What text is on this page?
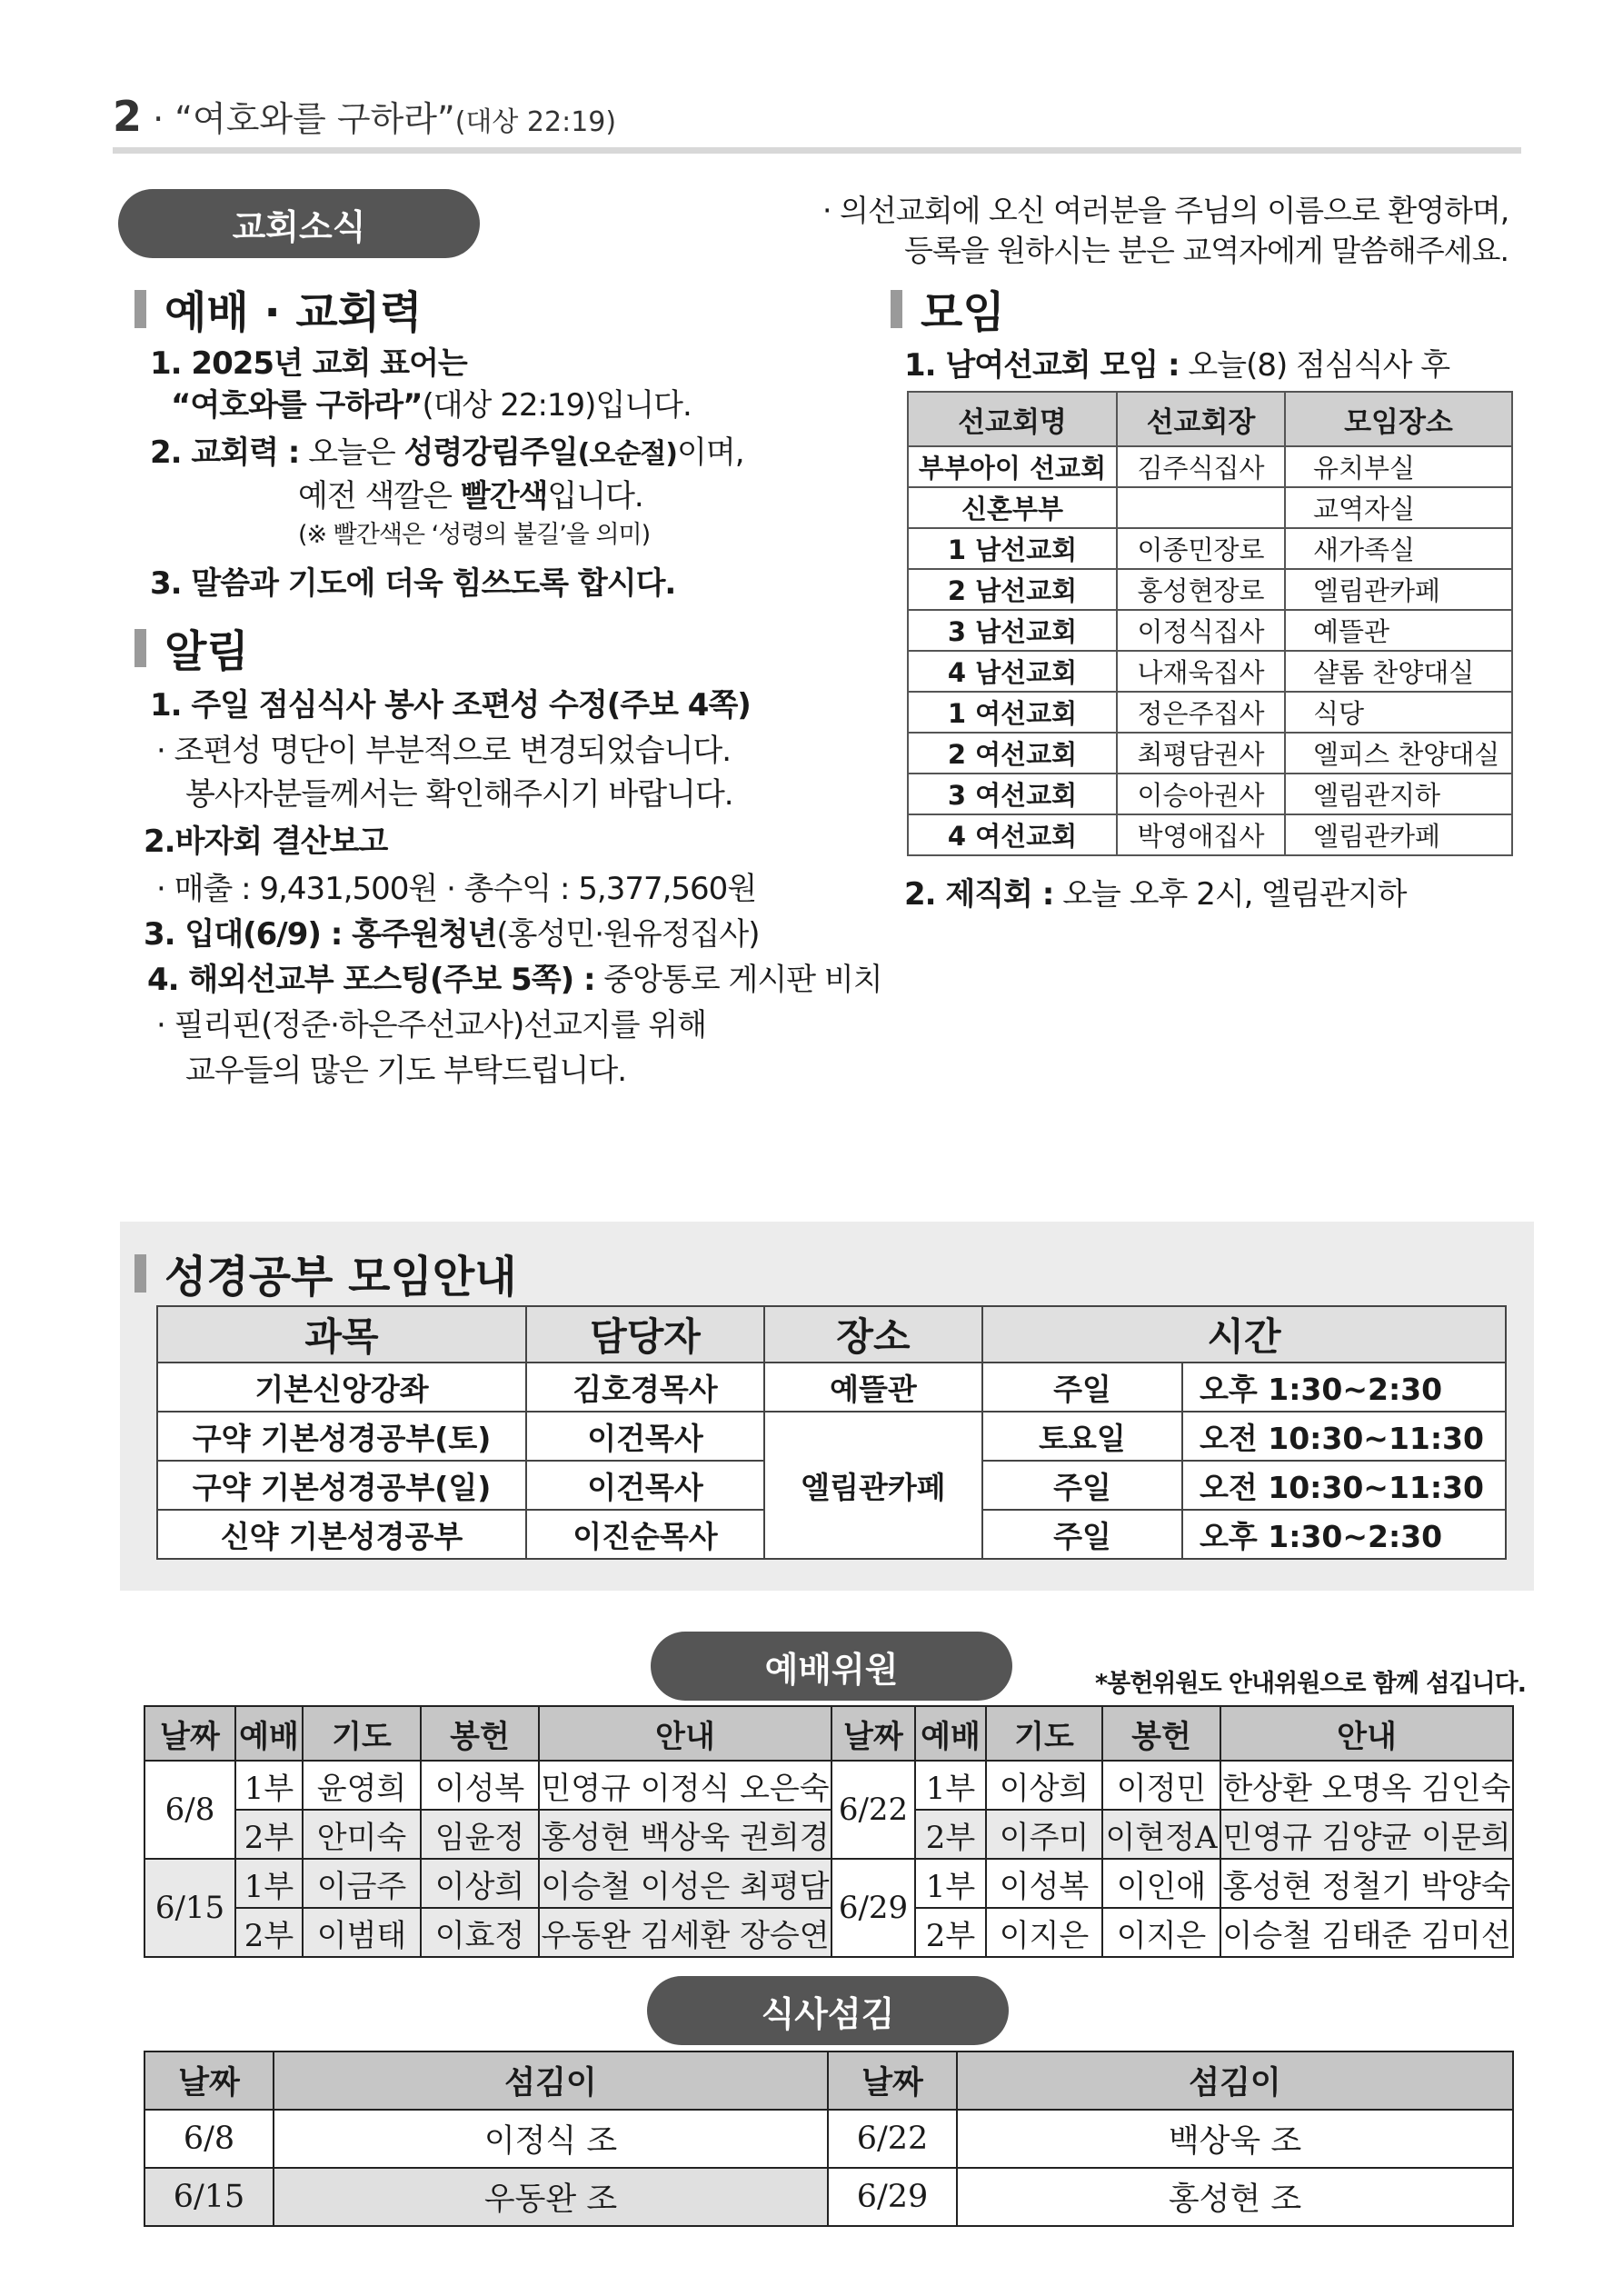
2 · “여호와를 구하라”(대상 22:19)
교회소식	· 의선교회에 오신 여러분을 주님의 이름으로 환영하며,
등록을 원하시는 분은 교역자에게 말씀해주세요.
예배 · 교회력
1. 2025년 교회 표어는
“여호와를 구하라”(대상 22:19)입니다.
2. 교회력 : 오늘은 성령강림주일(오순절)이며,
예전 색깔은 빨간색입니다.
(※ 빨간색은 ‘성령의 불길’을 의미)
3. 말씀과 기도에 더욱 힘쓰도록 합시다.
알림
1. 주일 점심식사 봉사 조편성 수정(주보 4쪽)
· 조편성 명단이 부분적으로 변경되었습니다.
봉사자분들께서는 확인해주시기 바랍니다.
2.바자회 결산보고
· 매출 : 9,431,500원 · 총수익 : 5,377,560원
3. 입대(6/9) : 홍주원청년(홍성민·원유정집사)
4. 해외선교부 포스팅(주보 5쪽) : 중앙통로 게시판 비치
· 필리핀(정준·하은주선교사)선교지를 위해
교우들의 많은 기도 부탁드립니다.
모임
1. 남여선교회 모임 : 오늘(8) 점심식사 후
선교회명	선교회장	모임장소
부부아이 선교회	김주식집사	유치부실
신혼부부		교역자실
1 남선교회	이종민장로	새가족실
2 남선교회	홍성현장로	엘림관카페
3 남선교회	이정식집사	예뜰관
4 남선교회	나재욱집사	샬롬 찬양대실
1 여선교회	정은주집사	식당
2 여선교회	최평담권사	엘피스 찬양대실
3 여선교회	이승아권사	엘림관지하
4 여선교회	박영애집사	엘림관카페
2. 제직회 : 오늘 오후 2시, 엘림관지하
성경공부 모임안내
과목	담당자	장소	시간	
기본신앙강좌	김호경목사	예뜰관	주일	오후 1:30~2:30
구약 기본성경공부(토)	이건목사	엘림관카페	토요일	오전 10:30~11:30
구약 기본성경공부(일)	이건목사		주일	오전 10:30~11:30
신약 기본성경공부	이진순목사		주일	오후 1:30~2:30
예배위원	*봉헌위원도 안내위원으로 함께 섬깁니다.
날짜	예배	기도	봉헌	안내	날짜	예배	기도	봉헌	안내
6/8	1부	윤영희	이성복	민영규 이정식 오은숙	6/22	1부	이상희	이정민	한상환 오명옥 김인숙
	2부	안미숙	임윤정	홍성현 백상욱 권희경		2부	이주미	이현정A	민영규 김양균 이문희
6/15	1부	이금주	이상희	이승철 이성은 최평담	6/29	1부	이성복	이인애	홍성현 정철기 박양숙
	2부	이범태	이효정	우동완 김세환 장승연		2부	이지은	이지은	이승철 김태준 김미선
식사섬김
날짜	섬김이	날짜	섬김이
6/8	이정식 조	6/22	백상욱 조
6/15	우동완 조	6/29	홍성현 조
